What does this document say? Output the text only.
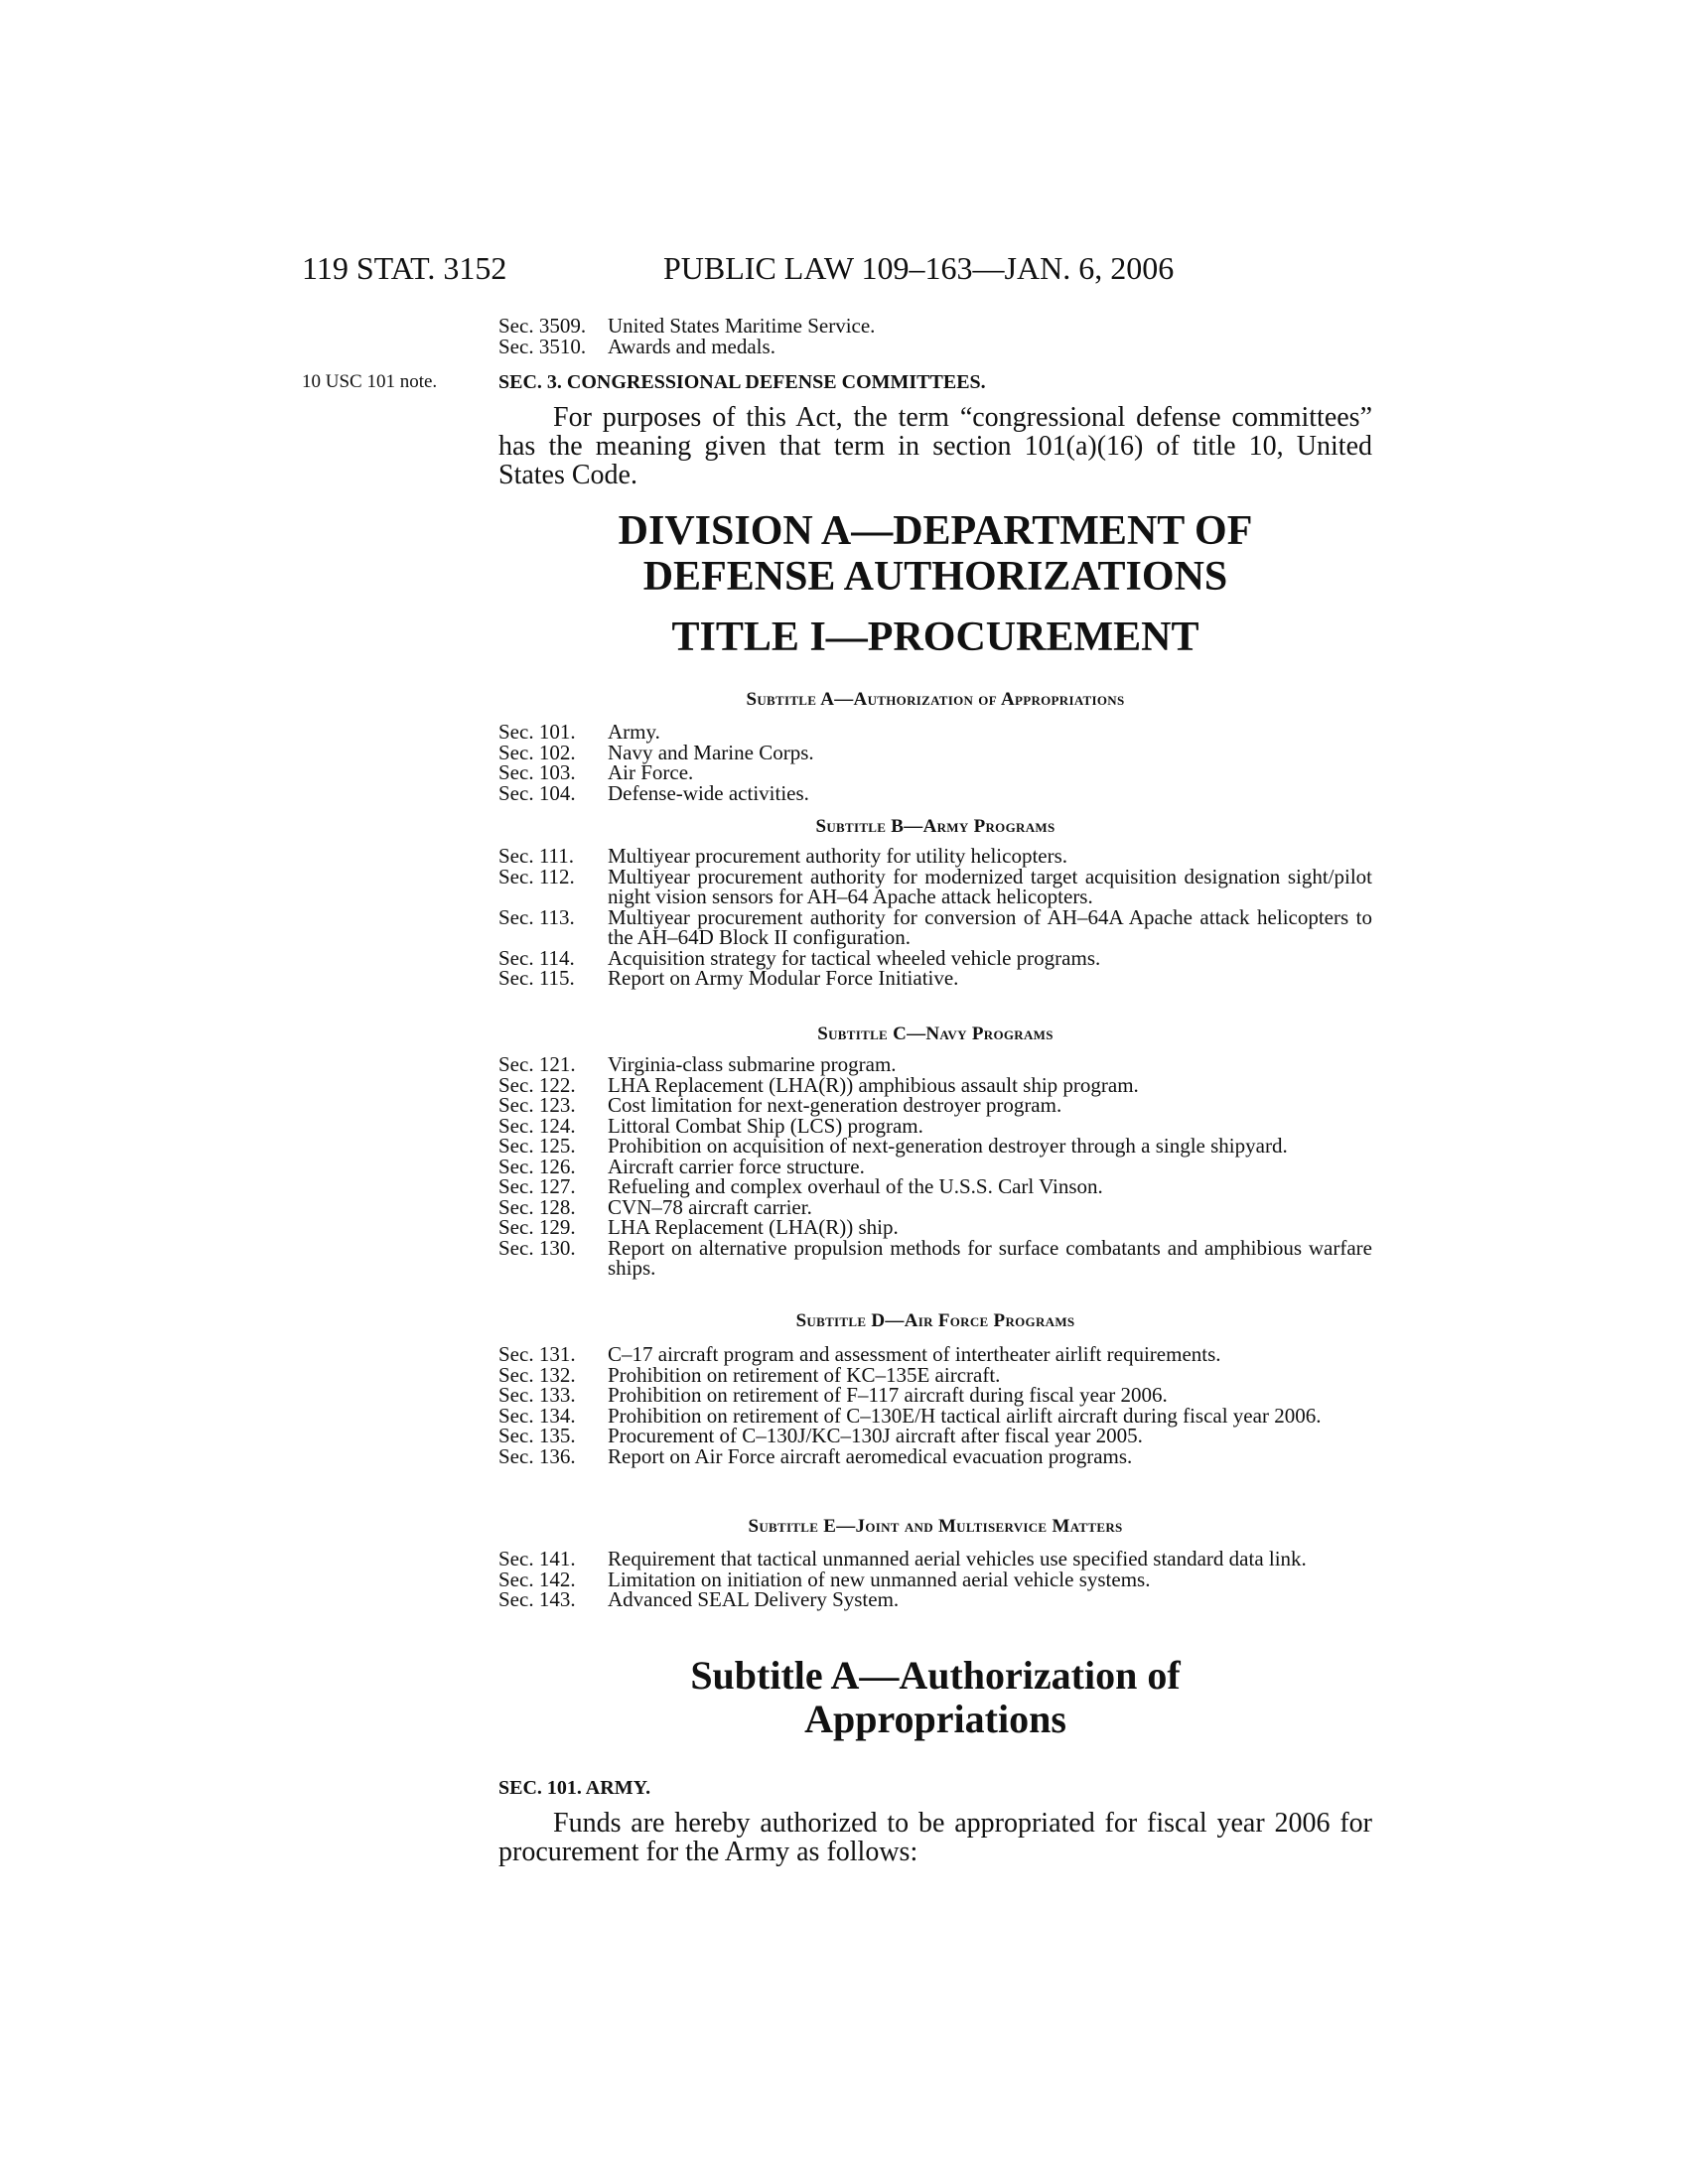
119 STAT. 3152	PUBLIC LAW 109–163—JAN. 6, 2006
Sec. 3509.	United States Maritime Service.
Sec. 3510.	Awards and medals.
10 USC 101 note.	SEC. 3. CONGRESSIONAL DEFENSE COMMITTEES.

For purposes of this Act, the term “congressional defense committees” has the meaning given that term in section 101(a)(16) of title 10, United States Code.

DIVISION A—DEPARTMENT OF
DEFENSE AUTHORIZATIONS
TITLE I—PROCUREMENT
Subtitle A—Authorization of Appropriations
Sec. 101.	Army.
Sec. 102.	Navy and Marine Corps.
Sec. 103.	Air Force.
Sec. 104.	Defense-wide activities.
Subtitle B—Army Programs
Sec. 111.	Multiyear procurement authority for utility helicopters.
Sec. 112.	Multiyear procurement authority for modernized target acquisition designation sight/pilot night vision sensors for AH–64 Apache attack helicopters.
Sec. 113.	Multiyear procurement authority for conversion of AH–64A Apache attack helicopters to the AH–64D Block II configuration.
Sec. 114.	Acquisition strategy for tactical wheeled vehicle programs.
Sec. 115.	Report on Army Modular Force Initiative.
Subtitle C—Navy Programs
Sec. 121.	Virginia-class submarine program.
Sec. 122.	LHA Replacement (LHA(R)) amphibious assault ship program.
Sec. 123.	Cost limitation for next-generation destroyer program.
Sec. 124.	Littoral Combat Ship (LCS) program.
Sec. 125.	Prohibition on acquisition of next-generation destroyer through a single shipyard.
Sec. 126.	Aircraft carrier force structure.
Sec. 127.	Refueling and complex overhaul of the U.S.S. Carl Vinson.
Sec. 128.	CVN–78 aircraft carrier.
Sec. 129.	LHA Replacement (LHA(R)) ship.
Sec. 130.	Report on alternative propulsion methods for surface combatants and amphibious warfare ships.
Subtitle D—Air Force Programs
Sec. 131.	C–17 aircraft program and assessment of intertheater airlift requirements.
Sec. 132.	Prohibition on retirement of KC–135E aircraft.
Sec. 133.	Prohibition on retirement of F–117 aircraft during fiscal year 2006.
Sec. 134.	Prohibition on retirement of C–130E/H tactical airlift aircraft during fiscal year 2006.
Sec. 135.	Procurement of C–130J/KC–130J aircraft after fiscal year 2005.
Sec. 136.	Report on Air Force aircraft aeromedical evacuation programs.
Subtitle E—Joint and Multiservice Matters
Sec. 141.	Requirement that tactical unmanned aerial vehicles use specified standard data link.
Sec. 142.	Limitation on initiation of new unmanned aerial vehicle systems.
Sec. 143.	Advanced SEAL Delivery System.
Subtitle A—Authorization of
Appropriations
SEC. 101. ARMY.

Funds are hereby authorized to be appropriated for fiscal year 2006 for procurement for the Army as follows:
